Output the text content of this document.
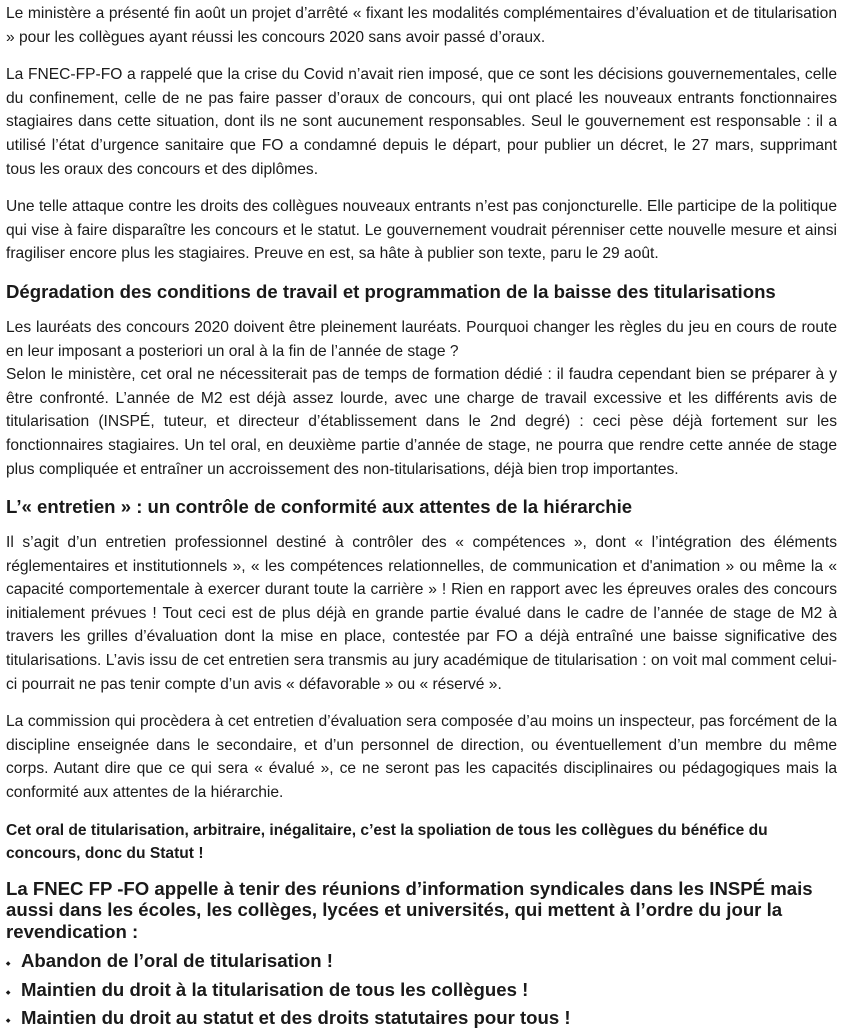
Le ministère a présenté fin août un projet d’arrêté « fixant les modalités complémentaires d’évaluation et de titularisation » pour les collègues ayant réussi les concours 2020 sans avoir passé d’oraux.

La FNEC-FP-FO a rappelé que la crise du Covid n’avait rien imposé, que ce sont les décisions gouvernementales, celle du confinement, celle de ne pas faire passer d’oraux de concours, qui ont placé les nouveaux entrants fonctionnaires stagiaires dans cette situation, dont ils ne sont aucunement responsables. Seul le gouvernement est responsable : il a utilisé l’état d’urgence sanitaire que FO a condamné depuis le départ, pour publier un décret, le 27 mars, supprimant tous les oraux des concours et des diplômes.

Une telle attaque contre les droits des collègues nouveaux entrants n’est pas conjoncturelle. Elle participe de la politique qui vise à faire disparaître les concours et le statut. Le gouvernement voudrait pérenniser cette nouvelle mesure et ainsi fragiliser encore plus les stagiaires. Preuve en est, sa hâte à publier son texte, paru le 29 août.

Dégradation des conditions de travail et programmation de la baisse des titularisations

Les lauréats des concours 2020 doivent être pleinement lauréats. Pourquoi changer les règles du jeu en cours de route en leur imposant a posteriori un oral à la fin de l’année de stage ?

Selon le ministère, cet oral ne nécessiterait pas de temps de formation dédié : il faudra cependant bien se préparer à y être confronté. L’année de M2 est déjà assez lourde, avec une charge de travail excessive et les différents avis de titularisation (INSPÉ, tuteur, et directeur d’établissement dans le 2nd degré) : ceci pèse déjà fortement sur les fonctionnaires stagiaires. Un tel oral, en deuxième partie d’année de stage, ne pourra que rendre cette année de stage plus compliquée et entraîner un accroissement des non-titularisations, déjà bien trop importantes.

L’« entretien » : un contrôle de conformité aux attentes de la hiérarchie

Il s’agit d’un entretien professionnel destiné à contrôler des « compétences », dont « l’intégration des éléments réglementaires et institutionnels », « les compétences relationnelles, de communication et d'animation » ou même la « capacité comportementale à exercer durant toute la carrière » ! Rien en rapport avec les épreuves orales des concours initialement prévues ! Tout ceci est de plus déjà en grande partie évalué dans le cadre de l’année de stage de M2 à travers les grilles d’évaluation dont la mise en place, contestée par FO a déjà entraîné une baisse significative des titularisations. L’avis issu de cet entretien sera transmis au jury académique de titularisation : on voit mal comment celui-ci pourrait ne pas tenir compte d’un avis « défavorable » ou « réservé ».

La commission qui procèdera à cet entretien d’évaluation sera composée d’au moins un inspecteur, pas forcément de la discipline enseignée dans le secondaire, et d’un personnel de direction, ou éventuellement d’un membre du même corps. Autant dire que ce qui sera « évalué », ce ne seront pas les capacités disciplinaires ou pédagogiques mais la conformité aux attentes de la hiérarchie.

Cet oral de titularisation, arbitraire, inégalitaire, c’est la spoliation de tous les collègues du bénéfice du concours, donc du Statut !

La FNEC FP -FO appelle à tenir des réunions d’information syndicales dans les INSPÉ mais aussi dans les écoles, les collèges, lycées et universités, qui mettent à l’ordre du jour la revendication :

⬩ Abandon de l’oral de titularisation !
⬩ Maintien du droit à la titularisation de tous les collègues !
⬩ Maintien du droit au statut et des droits statutaires pour tous !
